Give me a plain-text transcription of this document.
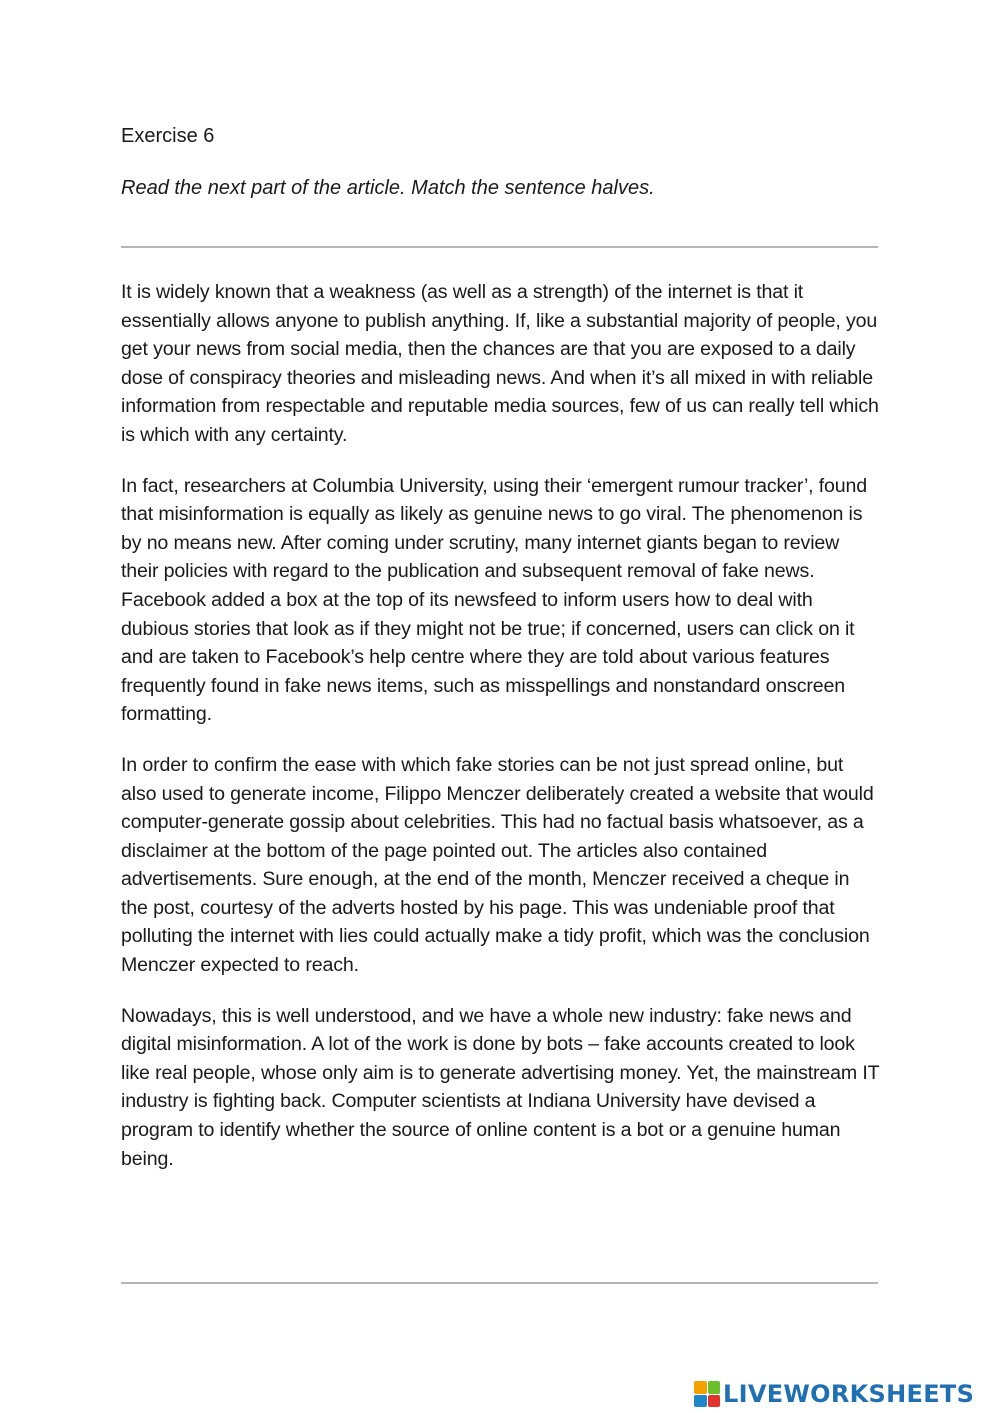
Exercise 6

Read the next part of the article. Match the sentence halves.

It is widely known that a weakness (as well as a strength) of the internet is that it essentially allows anyone to publish anything. If, like a substantial majority of people, you get your news from social media, then the chances are that you are exposed to a daily dose of conspiracy theories and misleading news. And when it’s all mixed in with reliable information from respectable and reputable media sources, few of us can really tell which is which with any certainty.

In fact, researchers at Columbia University, using their ‘emergent rumour tracker’, found that misinformation is equally as likely as genuine news to go viral. The phenomenon is by no means new. After coming under scrutiny, many internet giants began to review their policies with regard to the publication and subsequent removal of fake news. Facebook added a box at the top of its newsfeed to inform users how to deal with dubious stories that look as if they might not be true; if concerned, users can click on it and are taken to Facebook’s help centre where they are told about various features frequently found in fake news items, such as misspellings and nonstandard onscreen formatting.

In order to confirm the ease with which fake stories can be not just spread online, but also used to generate income, Filippo Menczer deliberately created a website that would computer-generate gossip about celebrities. This had no factual basis whatsoever, as a disclaimer at the bottom of the page pointed out. The articles also contained advertisements. Sure enough, at the end of the month, Menczer received a cheque in the post, courtesy of the adverts hosted by his page. This was undeniable proof that polluting the internet with lies could actually make a tidy profit, which was the conclusion Menczer expected to reach.

Nowadays, this is well understood, and we have a whole new industry: fake news and digital misinformation. A lot of the work is done by bots – fake accounts created to look like real people, whose only aim is to generate advertising money. Yet, the mainstream IT industry is fighting back. Computer scientists at Indiana University have devised a program to identify whether the source of online content is a bot or a genuine human being.

LIVEWORKSHEETS
